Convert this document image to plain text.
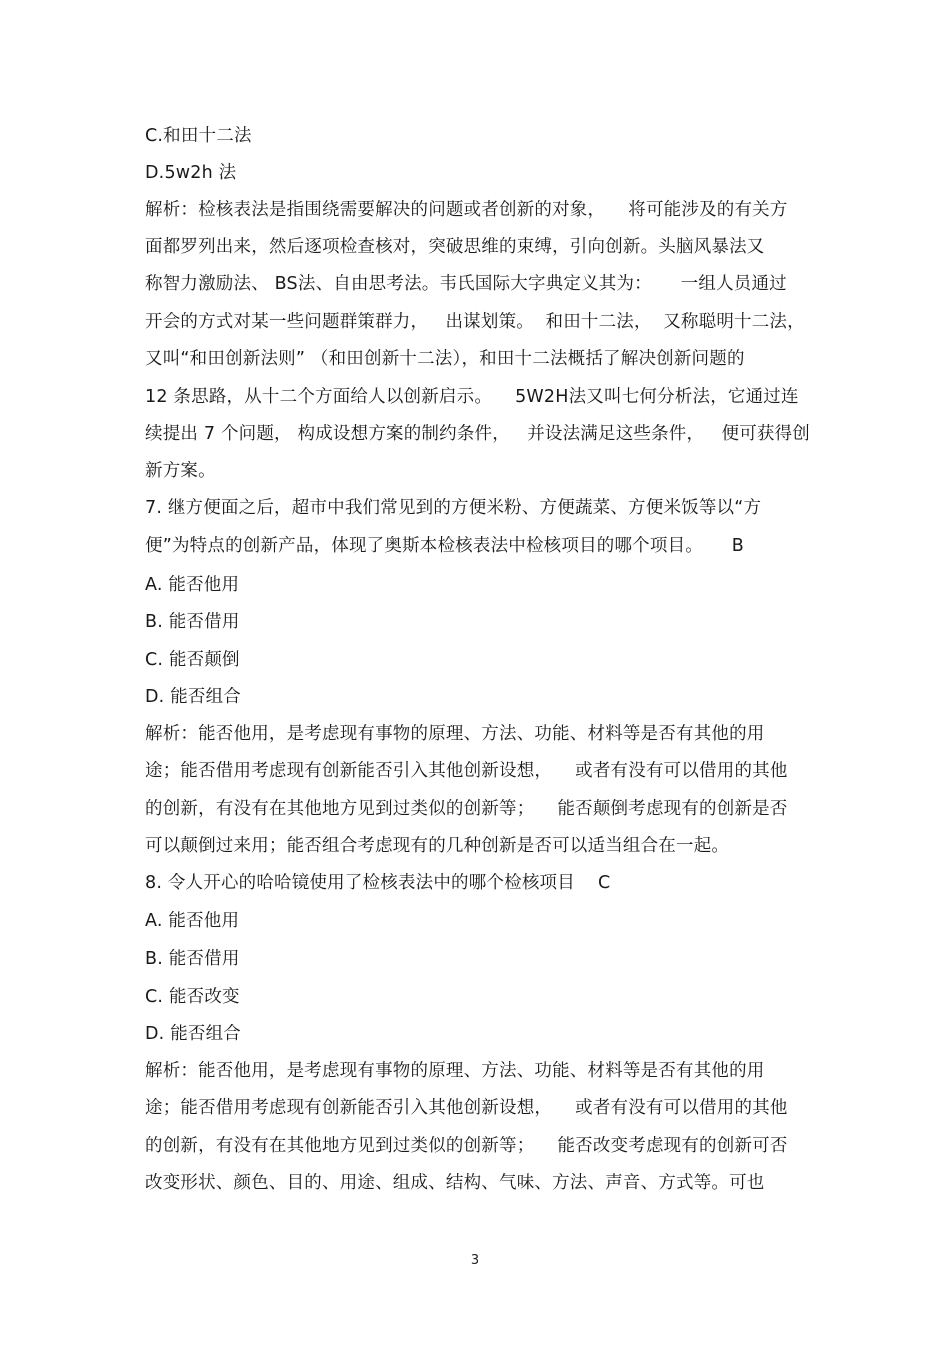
C.和田十二法
D.5w2h 法
解析：检核表法是指围绕需要解决的问题或者创新的对象，    将可能涉及的有关方
面都罗列出来，然后逐项检查核对，突破思维的束缚，引向创新。头脑风暴法又
称智力激励法、 BS法、自由思考法。韦氏国际大字典定义其为：     一组人员通过
开会的方式对某一些问题群策群力，   出谋划策。  和田十二法，  又称聪明十二法，
又叫“和田创新法则” （和田创新十二法），和田十二法概括了解决创新问题的
12 条思路，从十二个方面给人以创新启示。    5W2H法又叫七何分析法，它通过连
续提出 7 个问题， 构成设想方案的制约条件，   并设法满足这些条件，   便可获得创
新方案。
7. 继方便面之后，超市中我们常见到的方便米粉、方便蔬菜、方便米饭等以“方
便”为特点的创新产品，体现了奥斯本检核表法中检核项目的哪个项目。     B
A. 能否他用
B. 能否借用
C. 能否颠倒
D. 能否组合
解析：能否他用，是考虑现有事物的原理、方法、功能、材料等是否有其他的用
途；能否借用考虑现有创新能否引入其他创新设想，    或者有没有可以借用的其他
的创新，有没有在其他地方见到过类似的创新等；    能否颠倒考虑现有的创新是否
可以颠倒过来用；能否组合考虑现有的几种创新是否可以适当组合在一起。
8. 令人开心的哈哈镜使用了检核表法中的哪个检核项目    C
A. 能否他用
B. 能否借用
C. 能否改变
D. 能否组合
解析：能否他用，是考虑现有事物的原理、方法、功能、材料等是否有其他的用
途；能否借用考虑现有创新能否引入其他创新设想，    或者有没有可以借用的其他
的创新，有没有在其他地方见到过类似的创新等；    能否改变考虑现有的创新可否
改变形状、颜色、目的、用途、组成、结构、气味、方法、声音、方式等。可也
3
